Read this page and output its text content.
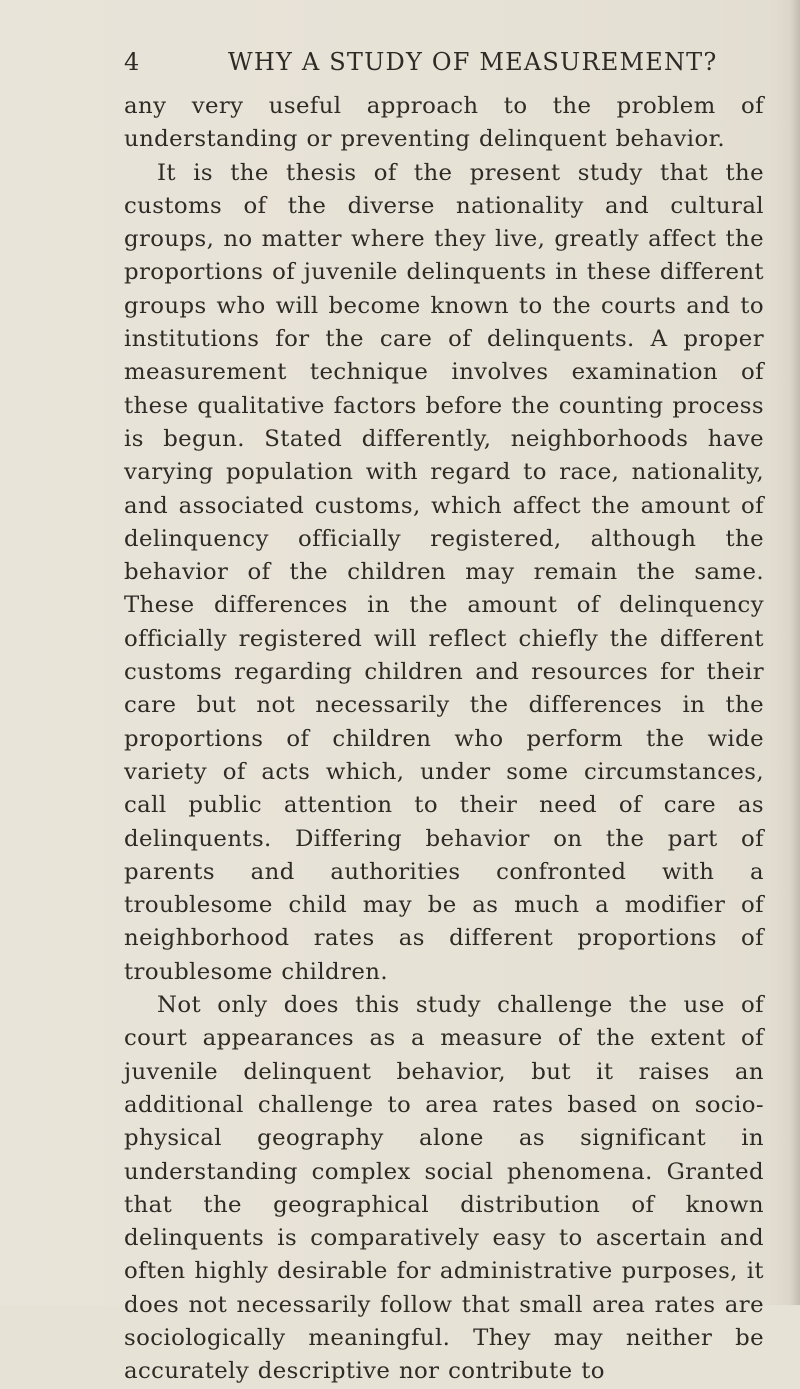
4	WHY A STUDY OF MEASUREMENT?

any very useful approach to the problem of understanding or preventing delinquent behavior.

It is the thesis of the present study that the customs of the diverse nationality and cultural groups, no matter where they live, greatly affect the proportions of juvenile delinquents in these different groups who will become known to the courts and to institutions for the care of delinquents. A proper measurement technique involves examination of these qualitative factors before the counting process is begun. Stated differently, neighborhoods have varying population with regard to race, nationality, and associated customs, which affect the amount of delinquency officially registered, although the behavior of the children may remain the same. These differences in the amount of delinquency officially registered will reflect chiefly the different customs regarding children and resources for their care but not necessarily the differences in the proportions of children who perform the wide variety of acts which, under some circumstances, call public attention to their need of care as delinquents. Differing behavior on the part of parents and authorities confronted with a troublesome child may be as much a modifier of neighborhood rates as different proportions of troublesome children.

Not only does this study challenge the use of court appearances as a measure of the extent of juvenile delinquent behavior, but it raises an additional challenge to area rates based on socio-physical geography alone as significant in understanding complex social phenomena. Granted that the geographical distribution of known delinquents is comparatively easy to ascertain and often highly desirable for administrative purposes, it does not necessarily follow that small area rates are sociologically meaningful. They may neither be accurately descriptive nor contribute to
